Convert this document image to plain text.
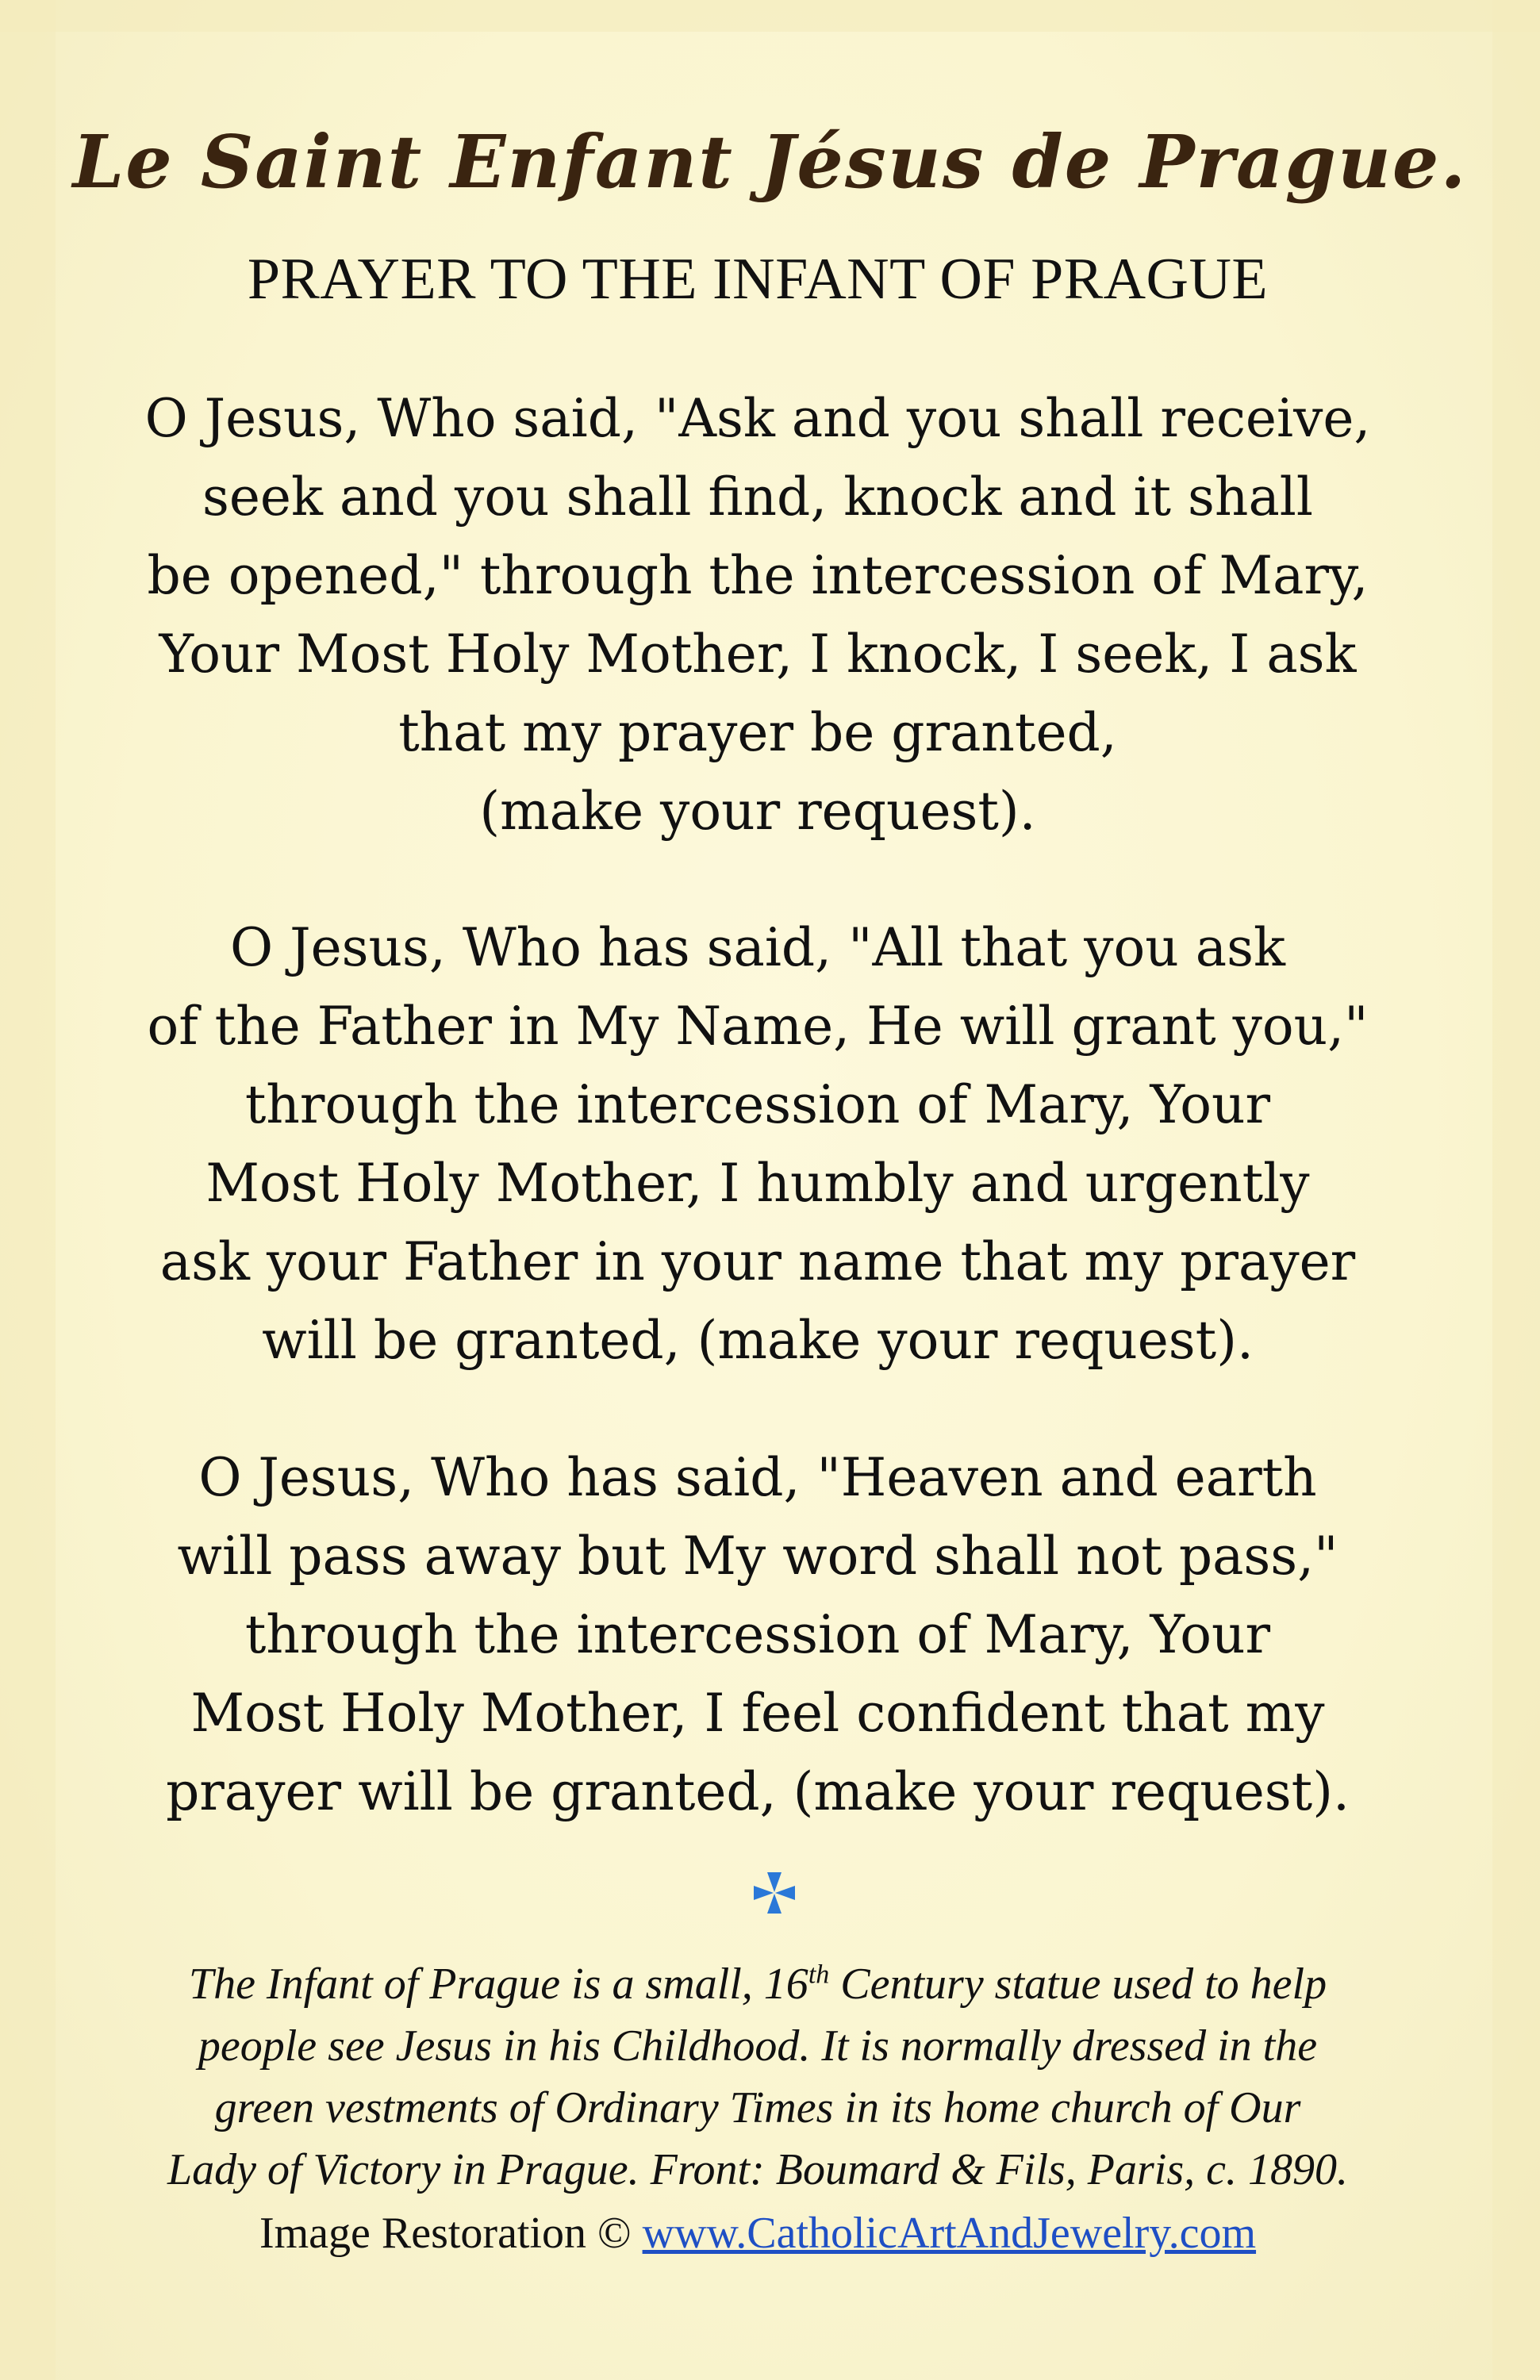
Le Saint Enfant Jésus de Prague.
PRAYER TO THE INFANT OF PRAGUE
O Jesus, Who said, "Ask and you shall receive,
seek and you shall find, knock and it shall
be opened," through the intercession of Mary,
Your Most Holy Mother, I knock, I seek, I ask
that my prayer be granted,
(make your request).
O Jesus, Who has said, "All that you ask
of the Father in My Name, He will grant you,"
through the intercession of Mary, Your
Most Holy Mother, I humbly and urgently
ask your Father in your name that my prayer
will be granted, (make your request).
O Jesus, Who has said, "Heaven and earth
will pass away but My word shall not pass,"
through the intercession of Mary, Your
Most Holy Mother, I feel confident that my
prayer will be granted, (make your request).
The Infant of Prague is a small, 16th Century statue used to help
people see Jesus in his Childhood. It is normally dressed in the
green vestments of Ordinary Times in its home church of Our
Lady of Victory in Prague. Front: Boumard & Fils, Paris, c. 1890.
Image Restoration © www.CatholicArtAndJewelry.com
